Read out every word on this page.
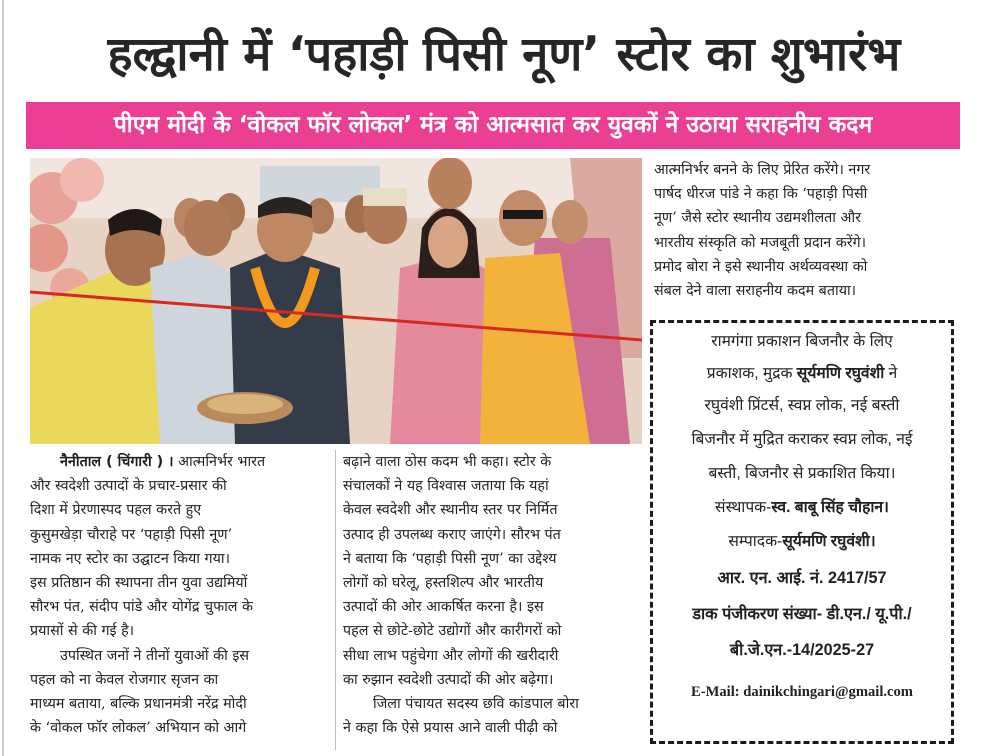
हल्द्वानी में ‘पहाड़ी पिसी नूण’ स्टोर का शुभारंभ
पीएम मोदी के ‘वोकल फॉर लोकल’ मंत्र को आत्मसात कर युवकों ने उठाया सराहनीय कदम
आत्मनिर्भर बनने के लिए प्रेरित करेंगे। नगर
पार्षद धीरज पांडे ने कहा कि ‘पहाड़ी पिसी
नूण’ जैसे स्टोर स्थानीय उद्यमशीलता और
भारतीय संस्कृति को मजबूती प्रदान करेंगे।
प्रमोद बोरा ने इसे स्थानीय अर्थव्यवस्था को
संबल देने वाला सराहनीय कदम बताया।
नैनीताल ( चिंगारी ) । आत्मनिर्भर भारत
और स्वदेशी उत्पादों के प्रचार-प्रसार की
दिशा में प्रेरणास्पद पहल करते हुए
कुसुमखेड़ा चौराहे पर ‘पहाड़ी पिसी नूण’
नामक नए स्टोर का उद्घाटन किया गया।
इस प्रतिष्ठान की स्थापना तीन युवा उद्यमियों
सौरभ पंत, संदीप पांडे और योगेंद्र चुफाल के
प्रयासों से की गई है।
उपस्थित जनों ने तीनों युवाओं की इस
पहल को ना केवल रोजगार सृजन का
माध्यम बताया, बल्कि प्रधानमंत्री नरेंद्र मोदी
के ‘वोकल फॉर लोकल’ अभियान को आगे
बढ़ाने वाला ठोस कदम भी कहा। स्टोर के
संचालकों ने यह विश्वास जताया कि यहां
केवल स्वदेशी और स्थानीय स्तर पर निर्मित
उत्पाद ही उपलब्ध कराए जाएंगे। सौरभ पंत
ने बताया कि ‘पहाड़ी पिसी नूण’ का उद्देश्य
लोगों को घरेलू, हस्तशिल्प और भारतीय
उत्पादों की ओर आकर्षित करना है। इस
पहल से छोटे-छोटे उद्योगों और कारीगरों को
सीधा लाभ पहुंचेगा और लोगों की खरीदारी
का रुझान स्वदेशी उत्पादों की ओर बढ़ेगा।
जिला पंचायत सदस्य छवि कांडपाल बोरा
ने कहा कि ऐसे प्रयास आने वाली पीढ़ी को
रामगंगा प्रकाशन बिजनौर के लिए
प्रकाशक, मुद्रक सूर्यमणि रघुवंशी ने
रघुवंशी प्रिंटर्स, स्वप्न लोक, नई बस्ती
बिजनौर में मुद्रित कराकर स्वप्न लोक, नई
बस्ती, बिजनौर से प्रकाशित किया।
संस्थापक-स्व. बाबू सिंह चौहान।
सम्पादक-सूर्यमणि रघुवंशी।
आर. एन. आई. नं. 2417/57
डाक पंजीकरण संख्या- डी.एन./ यू.पी./
बी.जे.एन.-14/2025-27
E-Mail: dainikchingari@gmail.com
